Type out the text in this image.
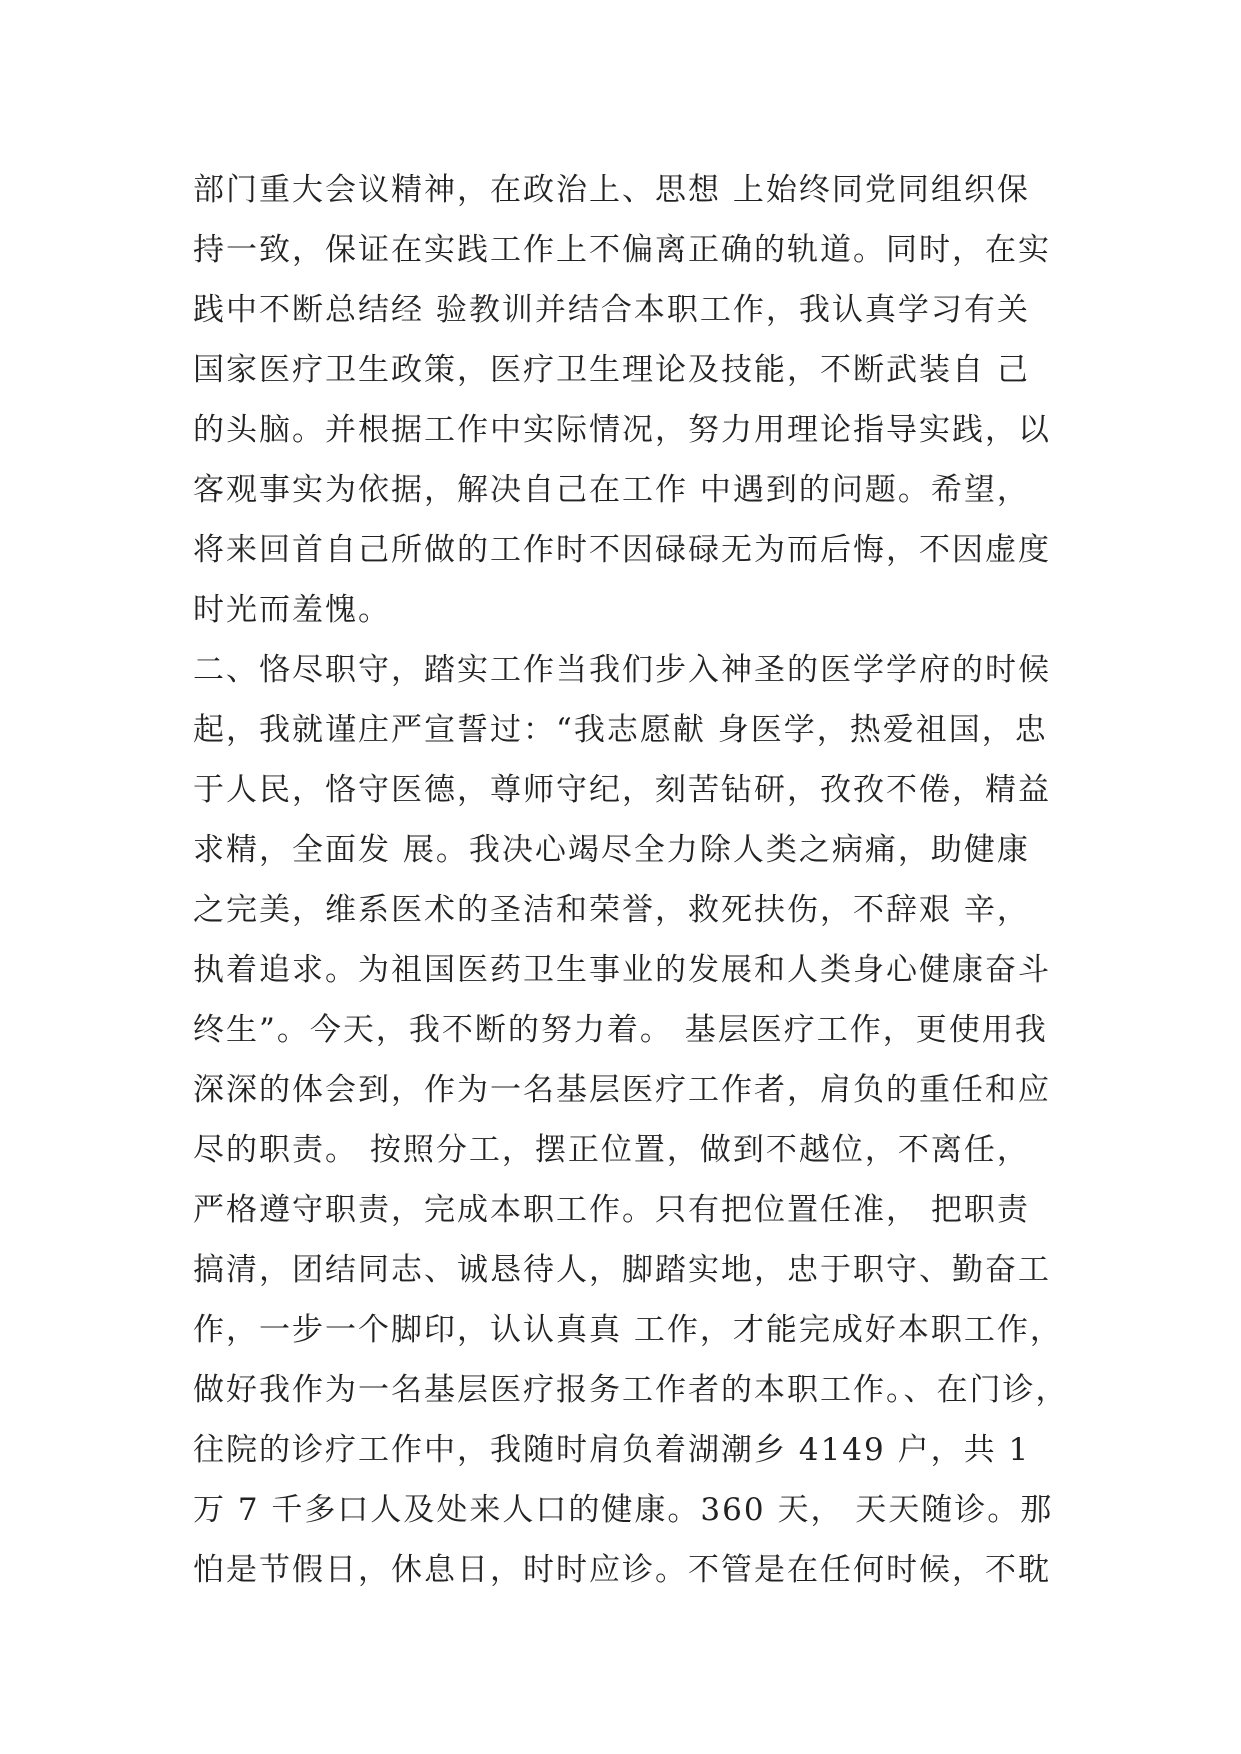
部门重大会议精神，在政治上、思想 上始终同党同组织保
持一致，保证在实践工作上不偏离正确的轨道。同时，在实
践中不断总结经 验教训并结合本职工作，我认真学习有关
国家医疗卫生政策，医疗卫生理论及技能，不断武装自 己
的头脑。并根据工作中实际情况，努力用理论指导实践，以
客观事实为依据，解决自己在工作 中遇到的问题。希望，
将来回首自己所做的工作时不因碌碌无为而后悔，不因虚度
时光而羞愧。
二、恪尽职守，踏实工作当我们步入神圣的医学学府的时候
起，我就谨庄严宣誓过：“我志愿献 身医学，热爱祖国，忠
于人民，恪守医德，尊师守纪，刻苦钻研，孜孜不倦，精益
求精，全面发 展。我决心竭尽全力除人类之病痛，助健康
之完美，维系医术的圣洁和荣誉，救死扶伤，不辞艰 辛，
执着追求。为祖国医药卫生事业的发展和人类身心健康奋斗
终生”。今天，我不断的努力着。 基层医疗工作，更使用我
深深的体会到，作为一名基层医疗工作者，肩负的重任和应
尽的职责。 按照分工，摆正位置，做到不越位，不离任，
严格遵守职责，完成本职工作。只有把位置任准， 把职责
搞清，团结同志、诚恳待人，脚踏实地，忠于职守、勤奋工
作，一步一个脚印，认认真真 工作，才能完成好本职工作，
做好我作为一名基层医疗报务工作者的本职工作。、在门诊，
往院的诊疗工作中，我随时肩负着湖潮乡 4149 户，共 1
万 7 千多口人及处来人口的健康。360 天， 天天随诊。那
怕是节假日，休息日，时时应诊。不管是在任何时候，不耽
